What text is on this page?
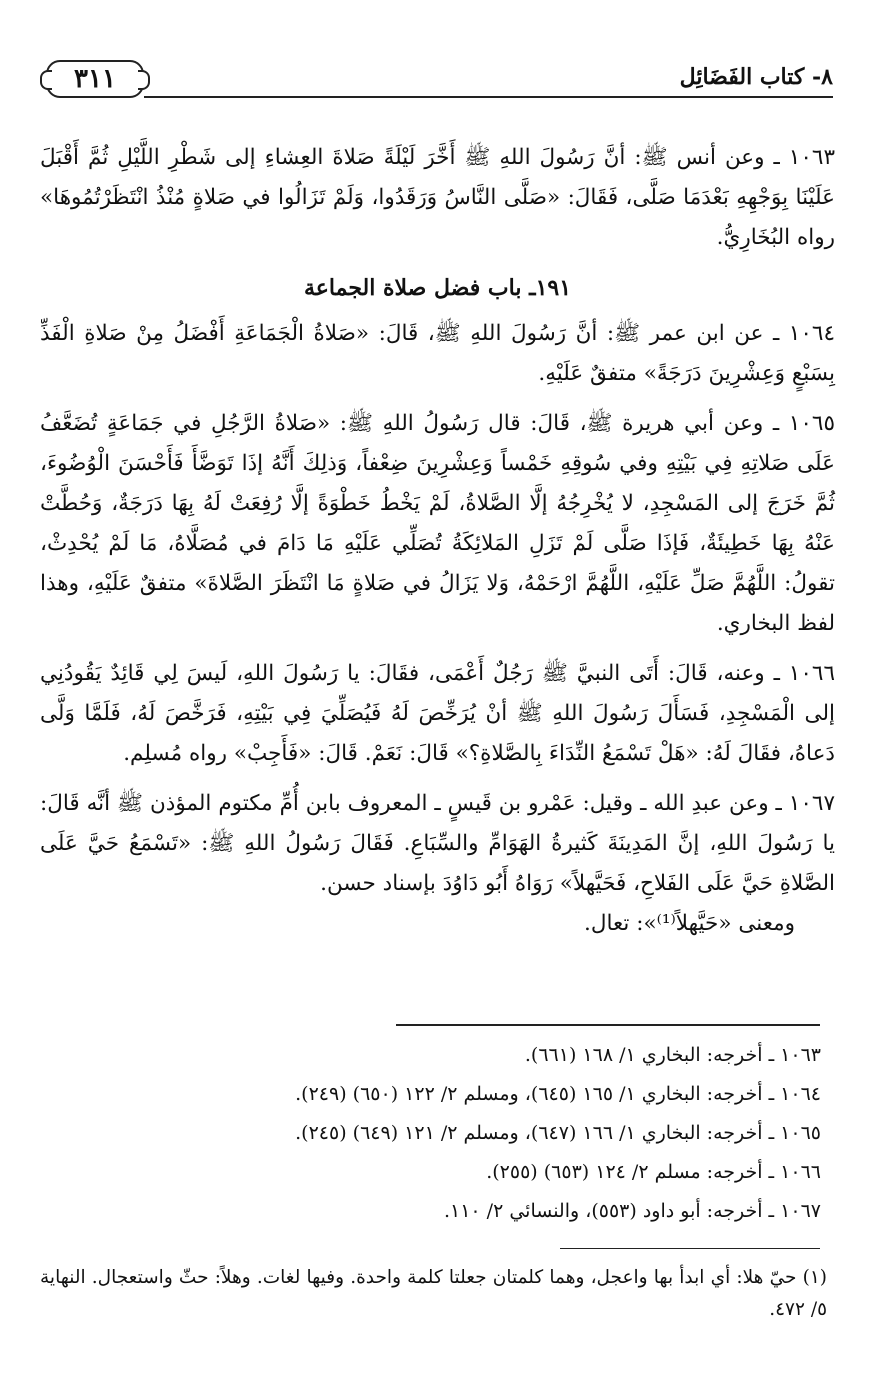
٣١١	٨- كتاب الفَضَائِل

١٠٦٣ ـ وعن أنس ﷺ: أنَّ رَسُولَ اللهِ ﷺ أَخَّرَ لَيْلَةً صَلاةَ العِشاءِ إلى شَطْرِ اللَّيْلِ ثُمَّ أَقْبَلَ عَلَيْنَا بِوَجْهِهِ بَعْدَمَا صَلَّى، فَقَالَ: «صَلَّى النَّاسُ وَرَقَدُوا، وَلَمْ تَزَالُوا في صَلاةٍ مُنْذُ انْتَظَرْتُمُوهَا» رواه البُخَارِيُّ.

١٩١ـ باب فضل صلاة الجماعة

١٠٦٤ ـ عن ابن عمر ﷺ: أنَّ رَسُولَ اللهِ ﷺ، قَالَ: «صَلاةُ الْجَمَاعَةِ أَفْضَلُ مِنْ صَلاةِ الْفَذِّ بِسَبْعٍ وَعِشْرِينَ دَرَجَةً» متفقٌ عَلَيْهِ.

١٠٦٥ ـ وعن أبي هريرة ﷺ، قَالَ: قال رَسُولُ اللهِ ﷺ: «صَلاةُ الرَّجُلِ في جَمَاعَةٍ تُضَعَّفُ عَلَى صَلاتِهِ فِي بَيْتِهِ وفي سُوقِهِ خَمْساً وَعِشْرِينَ ضِعْفاً، وَذلِكَ أَنَّهُ إذَا تَوَضَّأَ فَأَحْسَنَ الْوُضُوءَ، ثُمَّ خَرَجَ إلى المَسْجِدِ، لا يُخْرِجُهُ إلَّا الصَّلاةُ، لَمْ يَخْطُ خَطْوَةً إلَّا رُفِعَتْ لَهُ بِهَا دَرَجَةٌ، وَحُطَّتْ عَنْهُ بِهَا خَطِيئَةٌ، فَإذَا صَلَّى لَمْ تَزَلِ المَلائِكَةُ تُصَلِّي عَلَيْهِ مَا دَامَ في مُصَلَّاهُ، مَا لَمْ يُحْدِثْ، تقولُ: اللَّهُمَّ صَلِّ عَلَيْهِ، اللَّهُمَّ ارْحَمْهُ، وَلا يَزَالُ في صَلاةٍ مَا انْتَظَرَ الصَّلاةَ» متفقٌ عَلَيْهِ، وهذا لفظ البخاري.

١٠٦٦ ـ وعنه، قَالَ: أَتَى النبيَّ ﷺ رَجُلٌ أَعْمَى، فقَالَ: يا رَسُولَ اللهِ، لَيسَ لِي قَائِدٌ يَقُودُنِي إلى الْمَسْجِدِ، فَسَأَلَ رَسُولَ اللهِ ﷺ أنْ يُرَخِّصَ لَهُ فَيُصَلِّيَ فِي بَيْتِهِ، فَرَخَّصَ لَهُ، فَلَمَّا وَلَّى دَعاهُ، فقَالَ لَهُ: «هَلْ تَسْمَعُ النِّدَاءَ بِالصَّلاةِ؟» قَالَ: نَعَمْ. قَالَ: «فَأَجِبْ» رواه مُسلِم.

١٠٦٧ ـ وعن عبدِ الله ـ وقيل: عَمْرو بن قَيسٍ ـ المعروف بابن أُمِّ مكتوم المؤذن ﷺ أنَّه قَالَ: يا رَسُولَ اللهِ، إنَّ المَدِينَةَ كَثيرةُ الهَوَامِّ والسِّبَاعِ. فَقَالَ رَسُولُ اللهِ ﷺ: «تَسْمَعُ حَيَّ عَلَى الصَّلاةِ حَيَّ عَلَى الفَلاحِ، فَحَيَّهلاً» رَوَاهُ أَبُو دَاوُدَ بإسناد حسن.

ومعنى «حَيَّهلاً⁽¹⁾»: تعال.

١٠٦٣ ـ أخرجه: البخاري ١/ ١٦٨ (٦٦١).
١٠٦٤ ـ أخرجه: البخاري ١/ ١٦٥ (٦٤٥)، ومسلم ٢/ ١٢٢ (٦٥٠) (٢٤٩).
١٠٦٥ ـ أخرجه: البخاري ١/ ١٦٦ (٦٤٧)، ومسلم ٢/ ١٢١ (٦٤٩) (٢٤٥).
١٠٦٦ ـ أخرجه: مسلم ٢/ ١٢٤ (٦٥٣) (٢٥٥).
١٠٦٧ ـ أخرجه: أبو داود (٥٥٣)، والنسائي ٢/ ١١٠.
(١) حيّ هلا: أي ابدأ بها واعجل، وهما كلمتان جعلتا كلمة واحدة. وفيها لغات. وهلاً: حثّ واستعجال. النهاية ٥/ ٤٧٢.
